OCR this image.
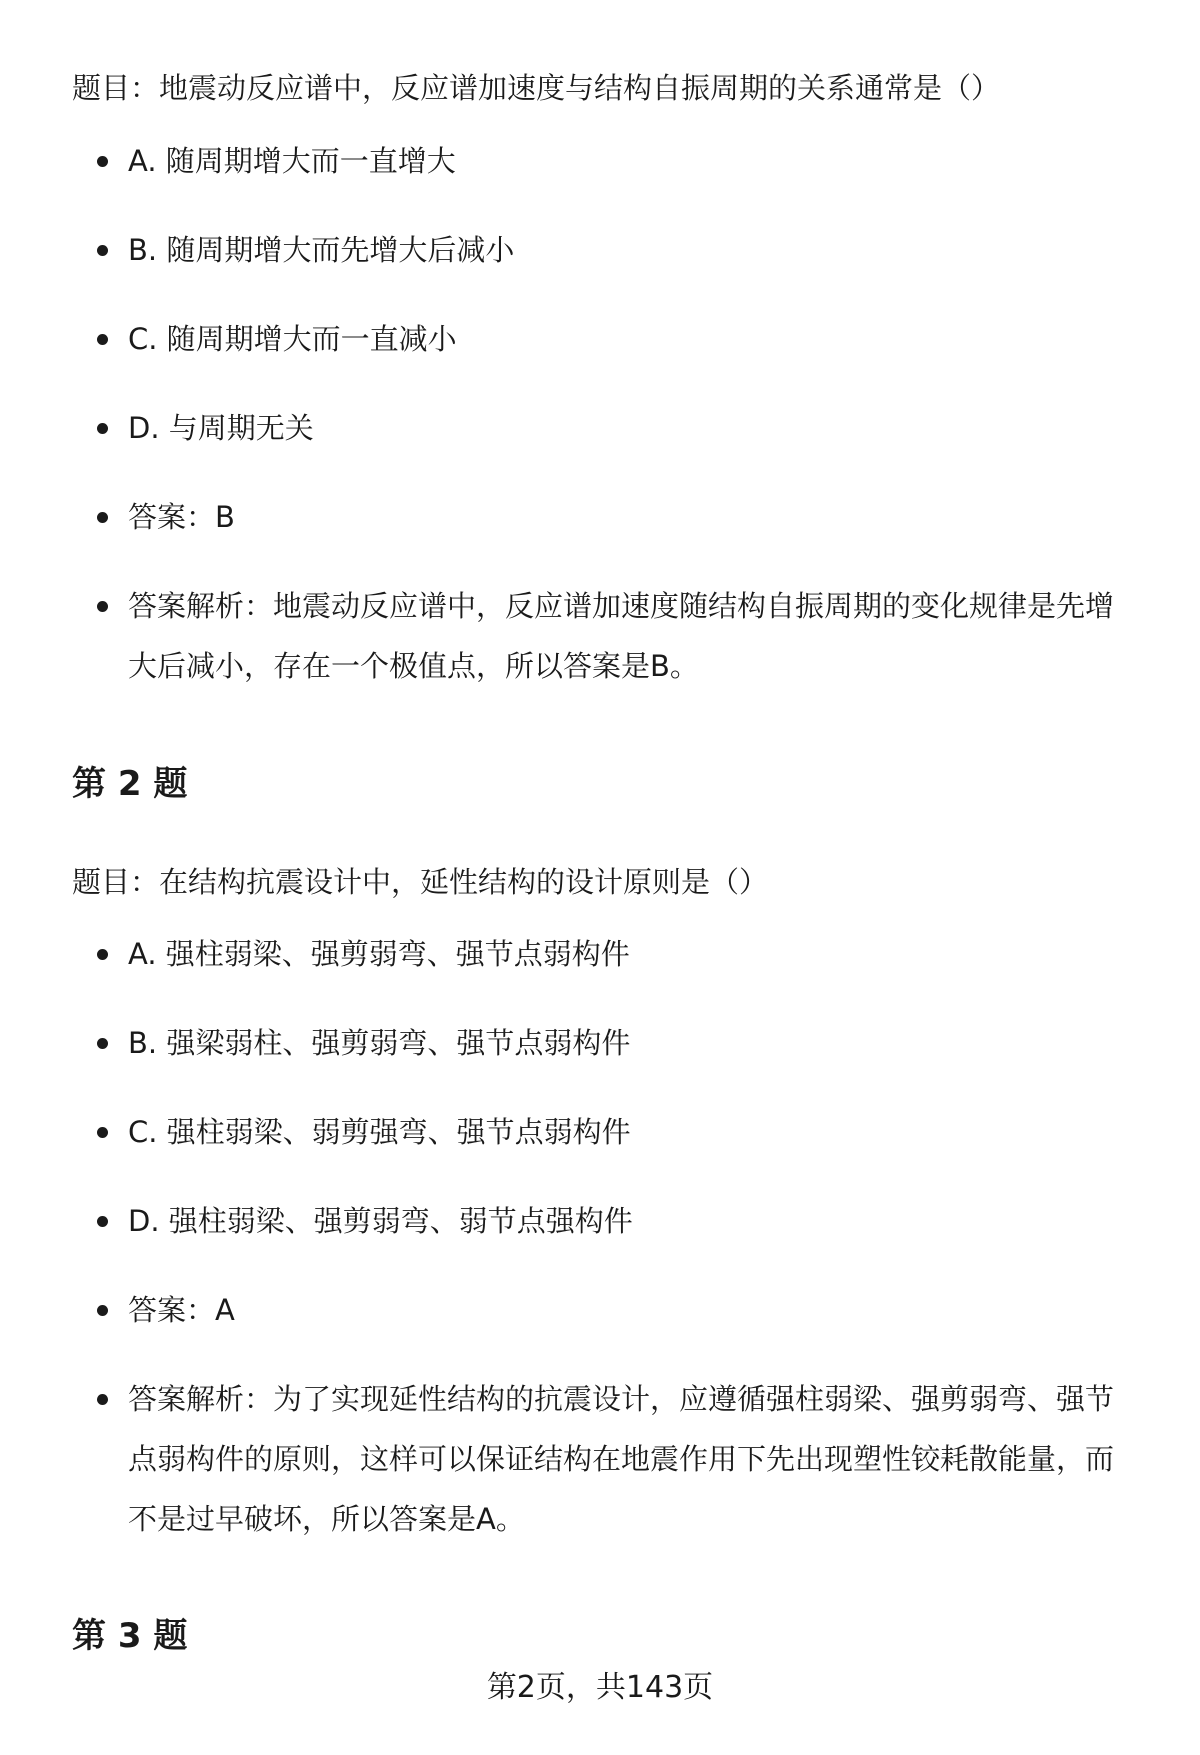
题目：地震动反应谱中，反应谱加速度与结构自振周期的关系通常是（）

A. 随周期增大而一直增大
B. 随周期增大而先增大后减小
C. 随周期增大而一直减小
D. 与周期无关
答案：B
答案解析：地震动反应谱中，反应谱加速度随结构自振周期的变化规律是先增大后减小，存在一个极值点，所以答案是B。
第 2 题

题目：在结构抗震设计中，延性结构的设计原则是（）

A. 强柱弱梁、强剪弱弯、强节点弱构件
B. 强梁弱柱、强剪弱弯、强节点弱构件
C. 强柱弱梁、弱剪强弯、强节点弱构件
D. 强柱弱梁、强剪弱弯、弱节点强构件
答案：A
答案解析：为了实现延性结构的抗震设计，应遵循强柱弱梁、强剪弱弯、强节点弱构件的原则，这样可以保证结构在地震作用下先出现塑性铰耗散能量，而不是过早破坏，所以答案是A。
第 3 题
第2页，共143页
